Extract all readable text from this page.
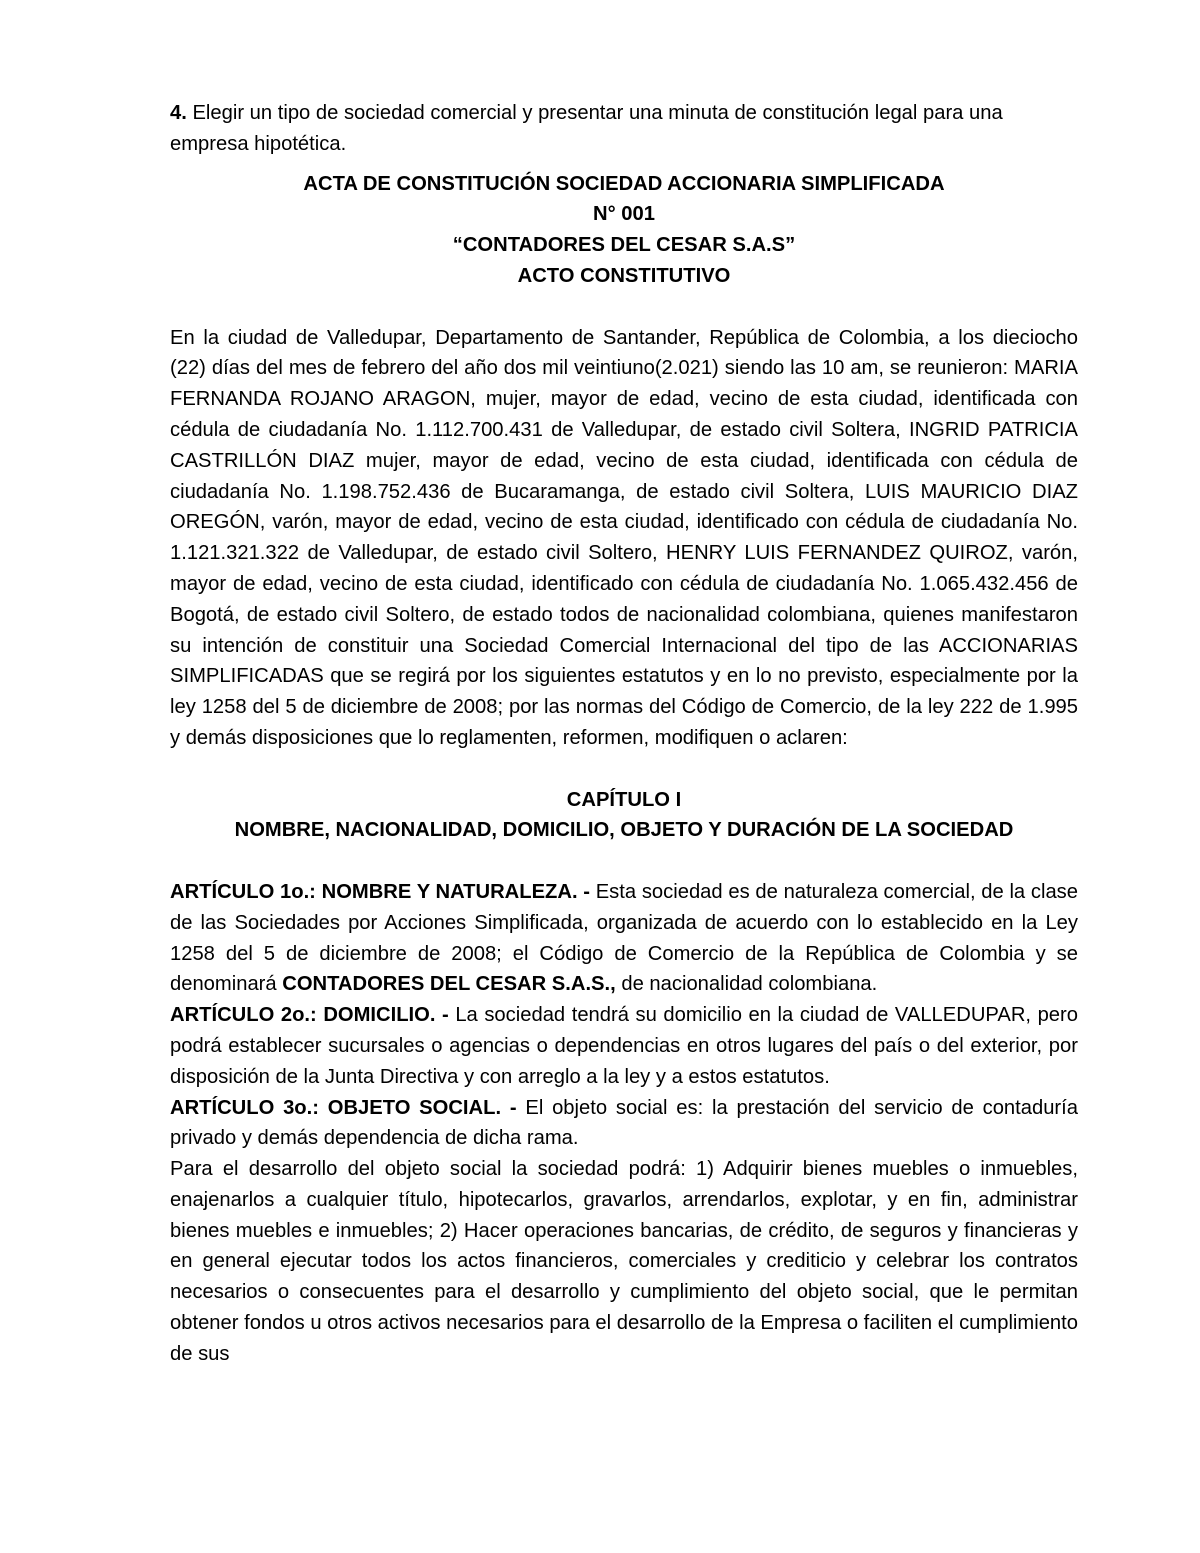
4. Elegir un tipo de sociedad comercial y presentar una minuta de constitución legal para una empresa hipotética.

ACTA DE CONSTITUCIÓN SOCIEDAD ACCIONARIA SIMPLIFICADA
N° 001
“CONTADORES DEL CESAR S.A.S”
ACTO CONSTITUTIVO

En la ciudad de Valledupar, Departamento de Santander, República de Colombia, a los dieciocho (22) días del mes de febrero del año dos mil veintiuno(2.021) siendo las 10 am, se reunieron: MARIA FERNANDA ROJANO ARAGON, mujer, mayor de edad, vecino de esta ciudad, identificada con cédula de ciudadanía No. 1.112.700.431 de Valledupar, de estado civil Soltera, INGRID PATRICIA CASTRILLÓN DIAZ mujer, mayor de edad, vecino de esta ciudad, identificada con cédula de ciudadanía No. 1.198.752.436 de Bucaramanga, de estado civil Soltera, LUIS MAURICIO DIAZ OREGÓN, varón, mayor de edad, vecino de esta ciudad, identificado con cédula de ciudadanía No. 1.121.321.322 de Valledupar, de estado civil Soltero, HENRY LUIS FERNANDEZ QUIROZ, varón, mayor de edad, vecino de esta ciudad, identificado con cédula de ciudadanía No. 1.065.432.456 de Bogotá, de estado civil Soltero, de estado todos de nacionalidad colombiana, quienes manifestaron su intención de constituir una Sociedad Comercial Internacional del tipo de las ACCIONARIAS SIMPLIFICADAS que se regirá por los siguientes estatutos y en lo no previsto, especialmente por la ley 1258 del 5 de diciembre de 2008; por las normas del Código de Comercio, de la ley 222 de 1.995 y demás disposiciones que lo reglamenten, reformen, modifiquen o aclaren:

CAPÍTULO I
NOMBRE, NACIONALIDAD, DOMICILIO, OBJETO Y DURACIÓN DE LA SOCIEDAD

ARTÍCULO 1o.: NOMBRE Y NATURALEZA. - Esta sociedad es de naturaleza comercial, de la clase de las Sociedades por Acciones Simplificada, organizada de acuerdo con lo establecido en la Ley 1258 del 5 de diciembre de 2008; el Código de Comercio de la República de Colombia y se denominará CONTADORES DEL CESAR S.A.S., de nacionalidad colombiana.

ARTÍCULO 2o.: DOMICILIO. - La sociedad tendrá su domicilio en la ciudad de VALLEDUPAR, pero podrá establecer sucursales o agencias o dependencias en otros lugares del país o del exterior, por disposición de la Junta Directiva y con arreglo a la ley y a estos estatutos.

ARTÍCULO 3o.: OBJETO SOCIAL. - El objeto social es: la prestación del servicio de contaduría privado y demás dependencia de dicha rama.

Para el desarrollo del objeto social la sociedad podrá: 1) Adquirir bienes muebles o inmuebles, enajenarlos a cualquier título, hipotecarlos, gravarlos, arrendarlos, explotar, y en fin, administrar bienes muebles e inmuebles; 2) Hacer operaciones bancarias, de crédito, de seguros y financieras y en general ejecutar todos los actos financieros, comerciales y crediticio y celebrar los contratos necesarios o consecuentes para el desarrollo y cumplimiento del objeto social, que le permitan obtener fondos u otros activos necesarios para el desarrollo de la Empresa o faciliten el cumplimiento de sus
